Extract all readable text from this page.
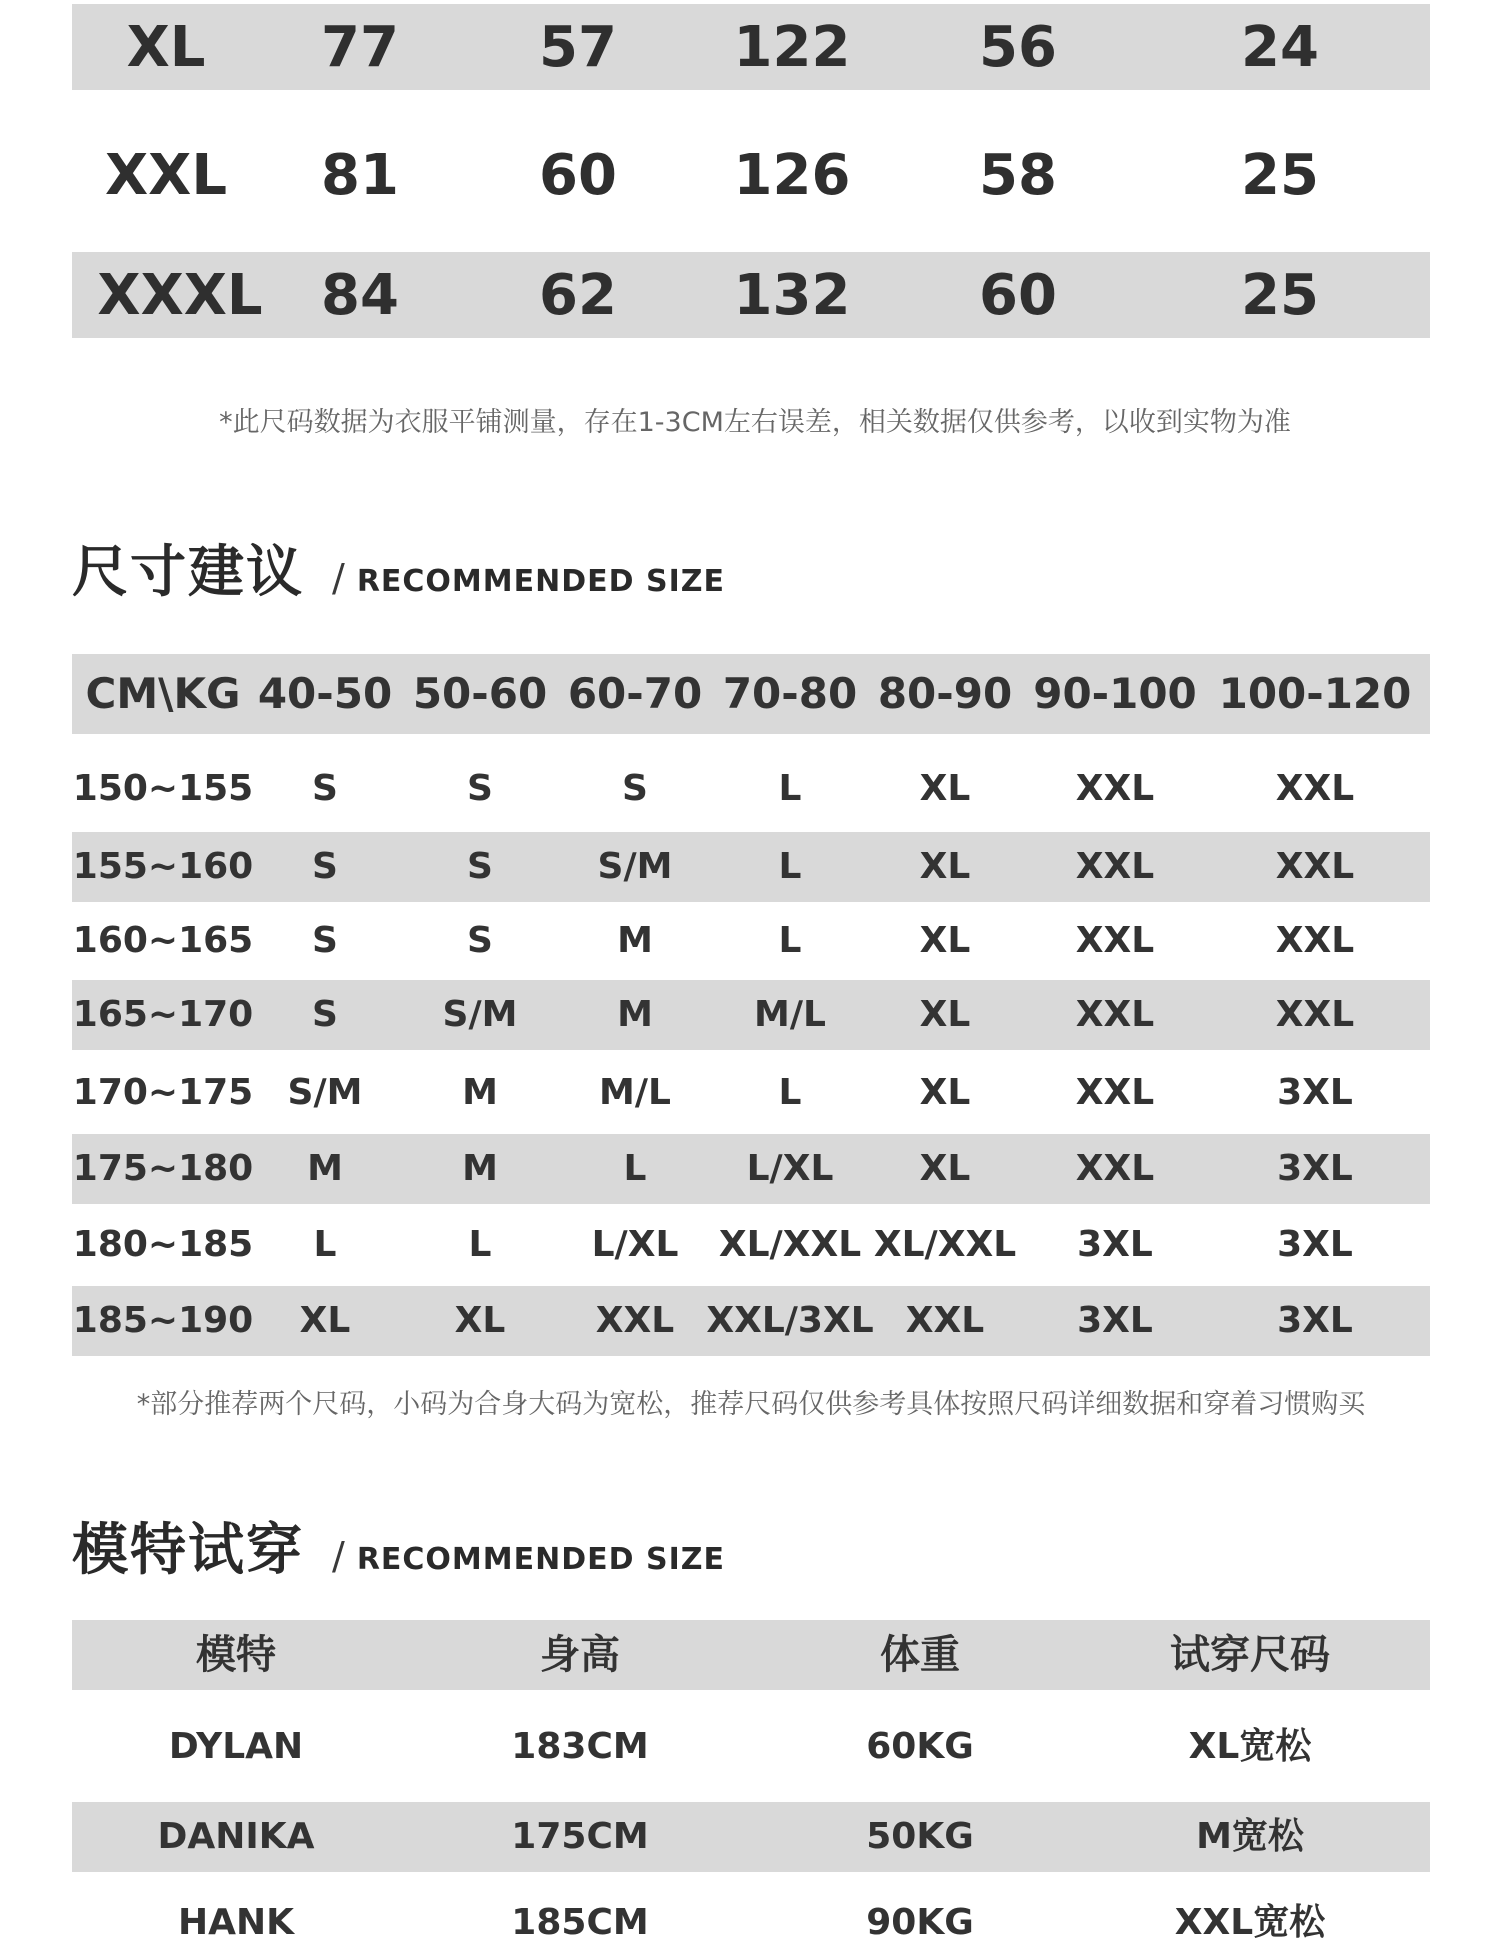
XL 77	57 122 56	24
XXL 81	60 126 58	25
XXXL 84	62 132 60	25
*此尺码数据为衣服平铺测量，存在1-3CM左右误差，相关数据仅供参考，以收到实物为准
尺寸建议 / RECOMMENDED SIZE
CM\KG 40-50 50-60 60-70 70-80 80-90 90-100 100-120
150~155 S	S	S	L	XL	XXL	XXL
155~160 S	S	S/M	L	XL	XXL	XXL
160~165 S	S	M	L	XL	XXL	XXL
165~170 S	S/M	M	M/L	XL	XXL	XXL
170~175 S/M	M	M/L	L	XL	XXL	3XL
175~180 M	M	L	L/XL XL	XXL	3XL
180~185 L	L	L/XL XL/XXL XL/XXL 3XL	3XL
185~190 XL	XL	XXL XXL/3XL XXL	3XL	3XL
*部分推荐两个尺码，小码为合身大码为宽松，推荐尺码仅供参考具体按照尺码详细数据和穿着习惯购买
模特试穿 / RECOMMENDED SIZE
模特	身高	体重	试穿尺码
DYLAN	183CM	60KG	XL宽松
DANIKA	175CM	50KG	M宽松
HANK	185CM	90KG	XXL宽松
